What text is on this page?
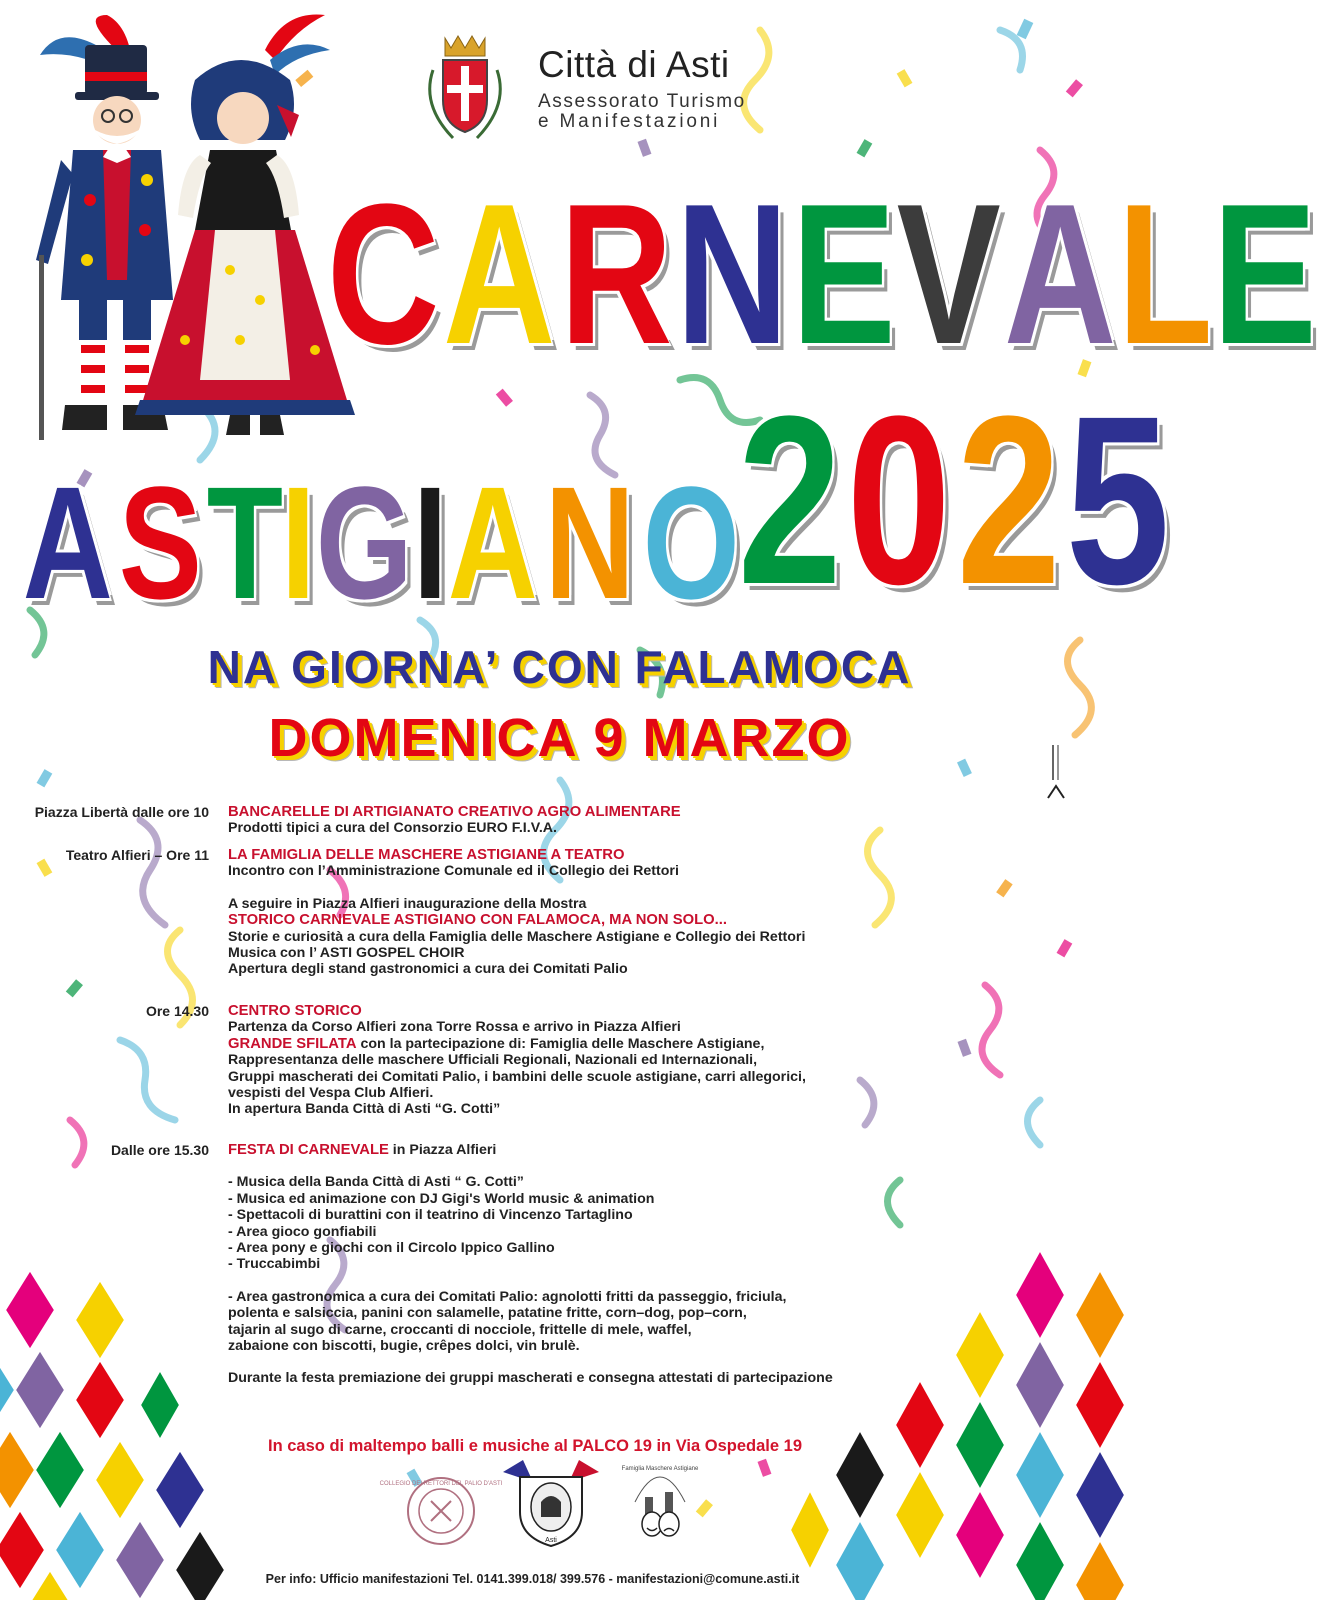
Città di Asti
Assessorato Turismo
e Manifestazioni
C A R N E V A L E
2 0 2 5
A S T
I G I A N O
NA GIORNA’ CON FALAMOCA
DOMENICA 9 MARZO
Piazza Libertà dalle ore 10 BANCARELLE DI ARTIGIANATO CREATIVO AGRO ALIMENTARE
Prodotti tipici a cura del Consorzio EURO F.I.V.A.
Teatro Alfieri – Ore 11 LA FAMIGLIA DELLE MASCHERE ASTIGIANE A TEATRO
Incontro con l’Amministrazione Comunale ed il Collegio dei Rettori
A seguire in Piazza Alfieri inaugurazione della Mostra
STORICO CARNEVALE ASTIGIANO CON FALAMOCA, MA NON SOLO...
Storie e curiosità a cura della Famiglia delle Maschere Astigiane e Collegio dei Rettori
Musica con l’ ASTI GOSPEL CHOIR
Apertura degli stand gastronomici a cura dei Comitati Palio
Ore 14.30 CENTRO STORICO
Partenza da Corso Alfieri zona Torre Rossa e arrivo in Piazza Alfieri
GRANDE SFILATA con la partecipazione di: Famiglia delle Maschere Astigiane,
Rappresentanza delle maschere Ufficiali Regionali, Nazionali ed Internazionali,
Gruppi mascherati dei Comitati Palio, i bambini delle scuole astigiane, carri allegorici,
vespisti del Vespa Club Alfieri.
In apertura Banda Città di Asti “G. Cotti”
Dalle ore 15.30 FESTA DI CARNEVALE in Piazza Alfieri
- Musica della Banda Città di Asti “ G. Cotti”
- Musica ed animazione con DJ Gigi's World music & animation
- Spettacoli di burattini con il teatrino di Vincenzo Tartaglino
- Area gioco gonfiabili
- Area pony e giochi con il Circolo Ippico Gallino
- Truccabimbi
- Area gastronomica a cura dei Comitati Palio: agnolotti fritti da passeggio, friciula,
polenta e salsiccia, panini con salamelle, patatine fritte, corn–dog, pop–corn,
tajarin al sugo di carne, croccanti di nocciole, frittelle di mele, waffel,
zabaione con biscotti, bugie, crêpes dolci, vin brulè.
Durante la festa premiazione dei gruppi mascherati e consegna attestati di partecipazione
In caso di maltempo balli e musiche al PALCO 19 in Via Ospedale 19
COLLEGIO DEI RETTORI DEL PALIO D'ASTI
Asti
Famiglia Maschere Astigiane
Per info: Ufficio manifestazioni Tel. 0141.399.018/ 399.576 - manifestazioni@comune.asti.it
